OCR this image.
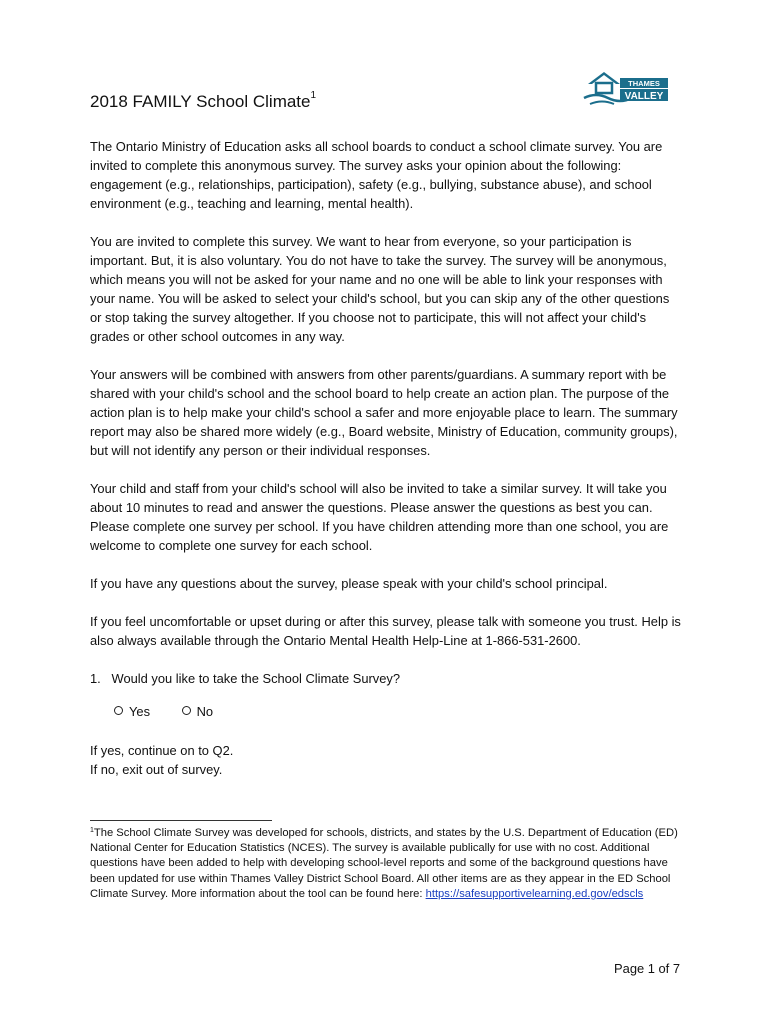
THAMES
VALLEY
2018 FAMILY School Climate$^1$

The Ontario Ministry of Education asks all school boards to conduct a school climate survey. You are invited to complete this anonymous survey. The survey asks your opinion about the following: engagement (e.g., relationships, participation), safety (e.g., bullying, substance abuse), and school environment (e.g., teaching and learning, mental health).

You are invited to complete this survey. We want to hear from everyone, so your participation is important. But, it is also voluntary. You do not have to take the survey. The survey will be anonymous, which means you will not be asked for your name and no one will be able to link your responses with your name. You will be asked to select your child's school, but you can skip any of the other questions or stop taking the survey altogether. If you choose not to participate, this will not affect your child's grades or other school outcomes in any way.

Your answers will be combined with answers from other parents/guardians. A summary report with be shared with your child's school and the school board to help create an action plan. The purpose of the action plan is to help make your child's school a safer and more enjoyable place to learn. The summary report may also be shared more widely (e.g., Board website, Ministry of Education, community groups), but will not identify any person or their individual responses.

Your child and staff from your child's school will also be invited to take a similar survey. It will take you about 10 minutes to read and answer the questions. Please answer the questions as best you can. Please complete one survey per school. If you have children attending more than one school, you are welcome to complete one survey for each school.

If you have any questions about the survey, please speak with your child's school principal.

If you feel uncomfortable or upset during or after this survey, please talk with someone you trust. Help is also always available through the Ontario Mental Health Help-Line at 1-866-531-2600.

1. Would you like to take the School Climate Survey?
Yes	No
If yes, continue on to Q2.
If no, exit out of survey.
$^1$The School Climate Survey was developed for schools, districts, and states by the U.S. Department of Education (ED) National Center for Education Statistics (NCES). The survey is available publically for use with no cost. Additional questions have been added to help with developing school-level reports and some of the background questions have been updated for use within Thames Valley District School Board. All other items are as they appear in the ED School Climate Survey. More information about the tool can be found here: https://safesupportivelearning.ed.gov/edscls
Page 1 of 7
